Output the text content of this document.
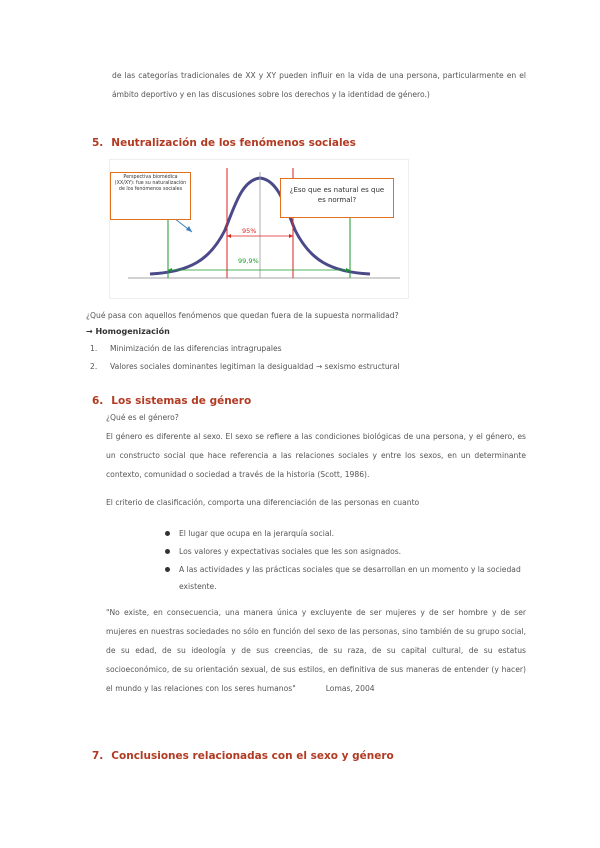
de las categorías tradicionales de XX y XY pueden influir en la vida de una persona, particularmente en el ámbito deportivo y en las discusiones sobre los derechos y la identidad de género.)
5. Neutralización de los fenómenos sociales
95%
99,9%
Perspectiva biomédica (XX/XY): fue su naturalización de los fenómenos sociales	¿Eso que es natural es que es normal?
¿Qué pasa con aquellos fenómenos que quedan fuera de la supuesta normalidad?
→ Homogenización
1. Minimización de las diferencias intragrupales
2. Valores sociales dominantes legitiman la desigualdad → sexismo estructural
6. Los sistemas de género
¿Qué es el género?
El género es diferente al sexo. El sexo se refiere a las condiciones biológicas de una persona, y el género, es un constructo social que hace referencia a las relaciones sociales y entre los sexos, en un determinante contexto, comunidad o sociedad a través de la historia (Scott, 1986).
El criterio de clasificación, comporta una diferenciación de las personas en cuanto
El lugar que ocupa en la jerarquía social.
Los valores y expectativas sociales que les son asignados.
A las actividades y las prácticas sociales que se desarrollan en un momento y la sociedad existente.
"No existe, en consecuencia, una manera única y excluyente de ser mujeres y de ser hombre y de ser mujeres en nuestras sociedades no sólo en función del sexo de las personas, sino también de su grupo social, de su edad, de su ideología y de sus creencias, de su raza, de su capital cultural, de su estatus socioeconómico, de su orientación sexual, de sus estilos, en definitiva de sus maneras de entender (y hacer) el mundo y las relaciones con los seres humanos"	Lomas, 2004
7. Conclusiones relacionadas con el sexo y género
